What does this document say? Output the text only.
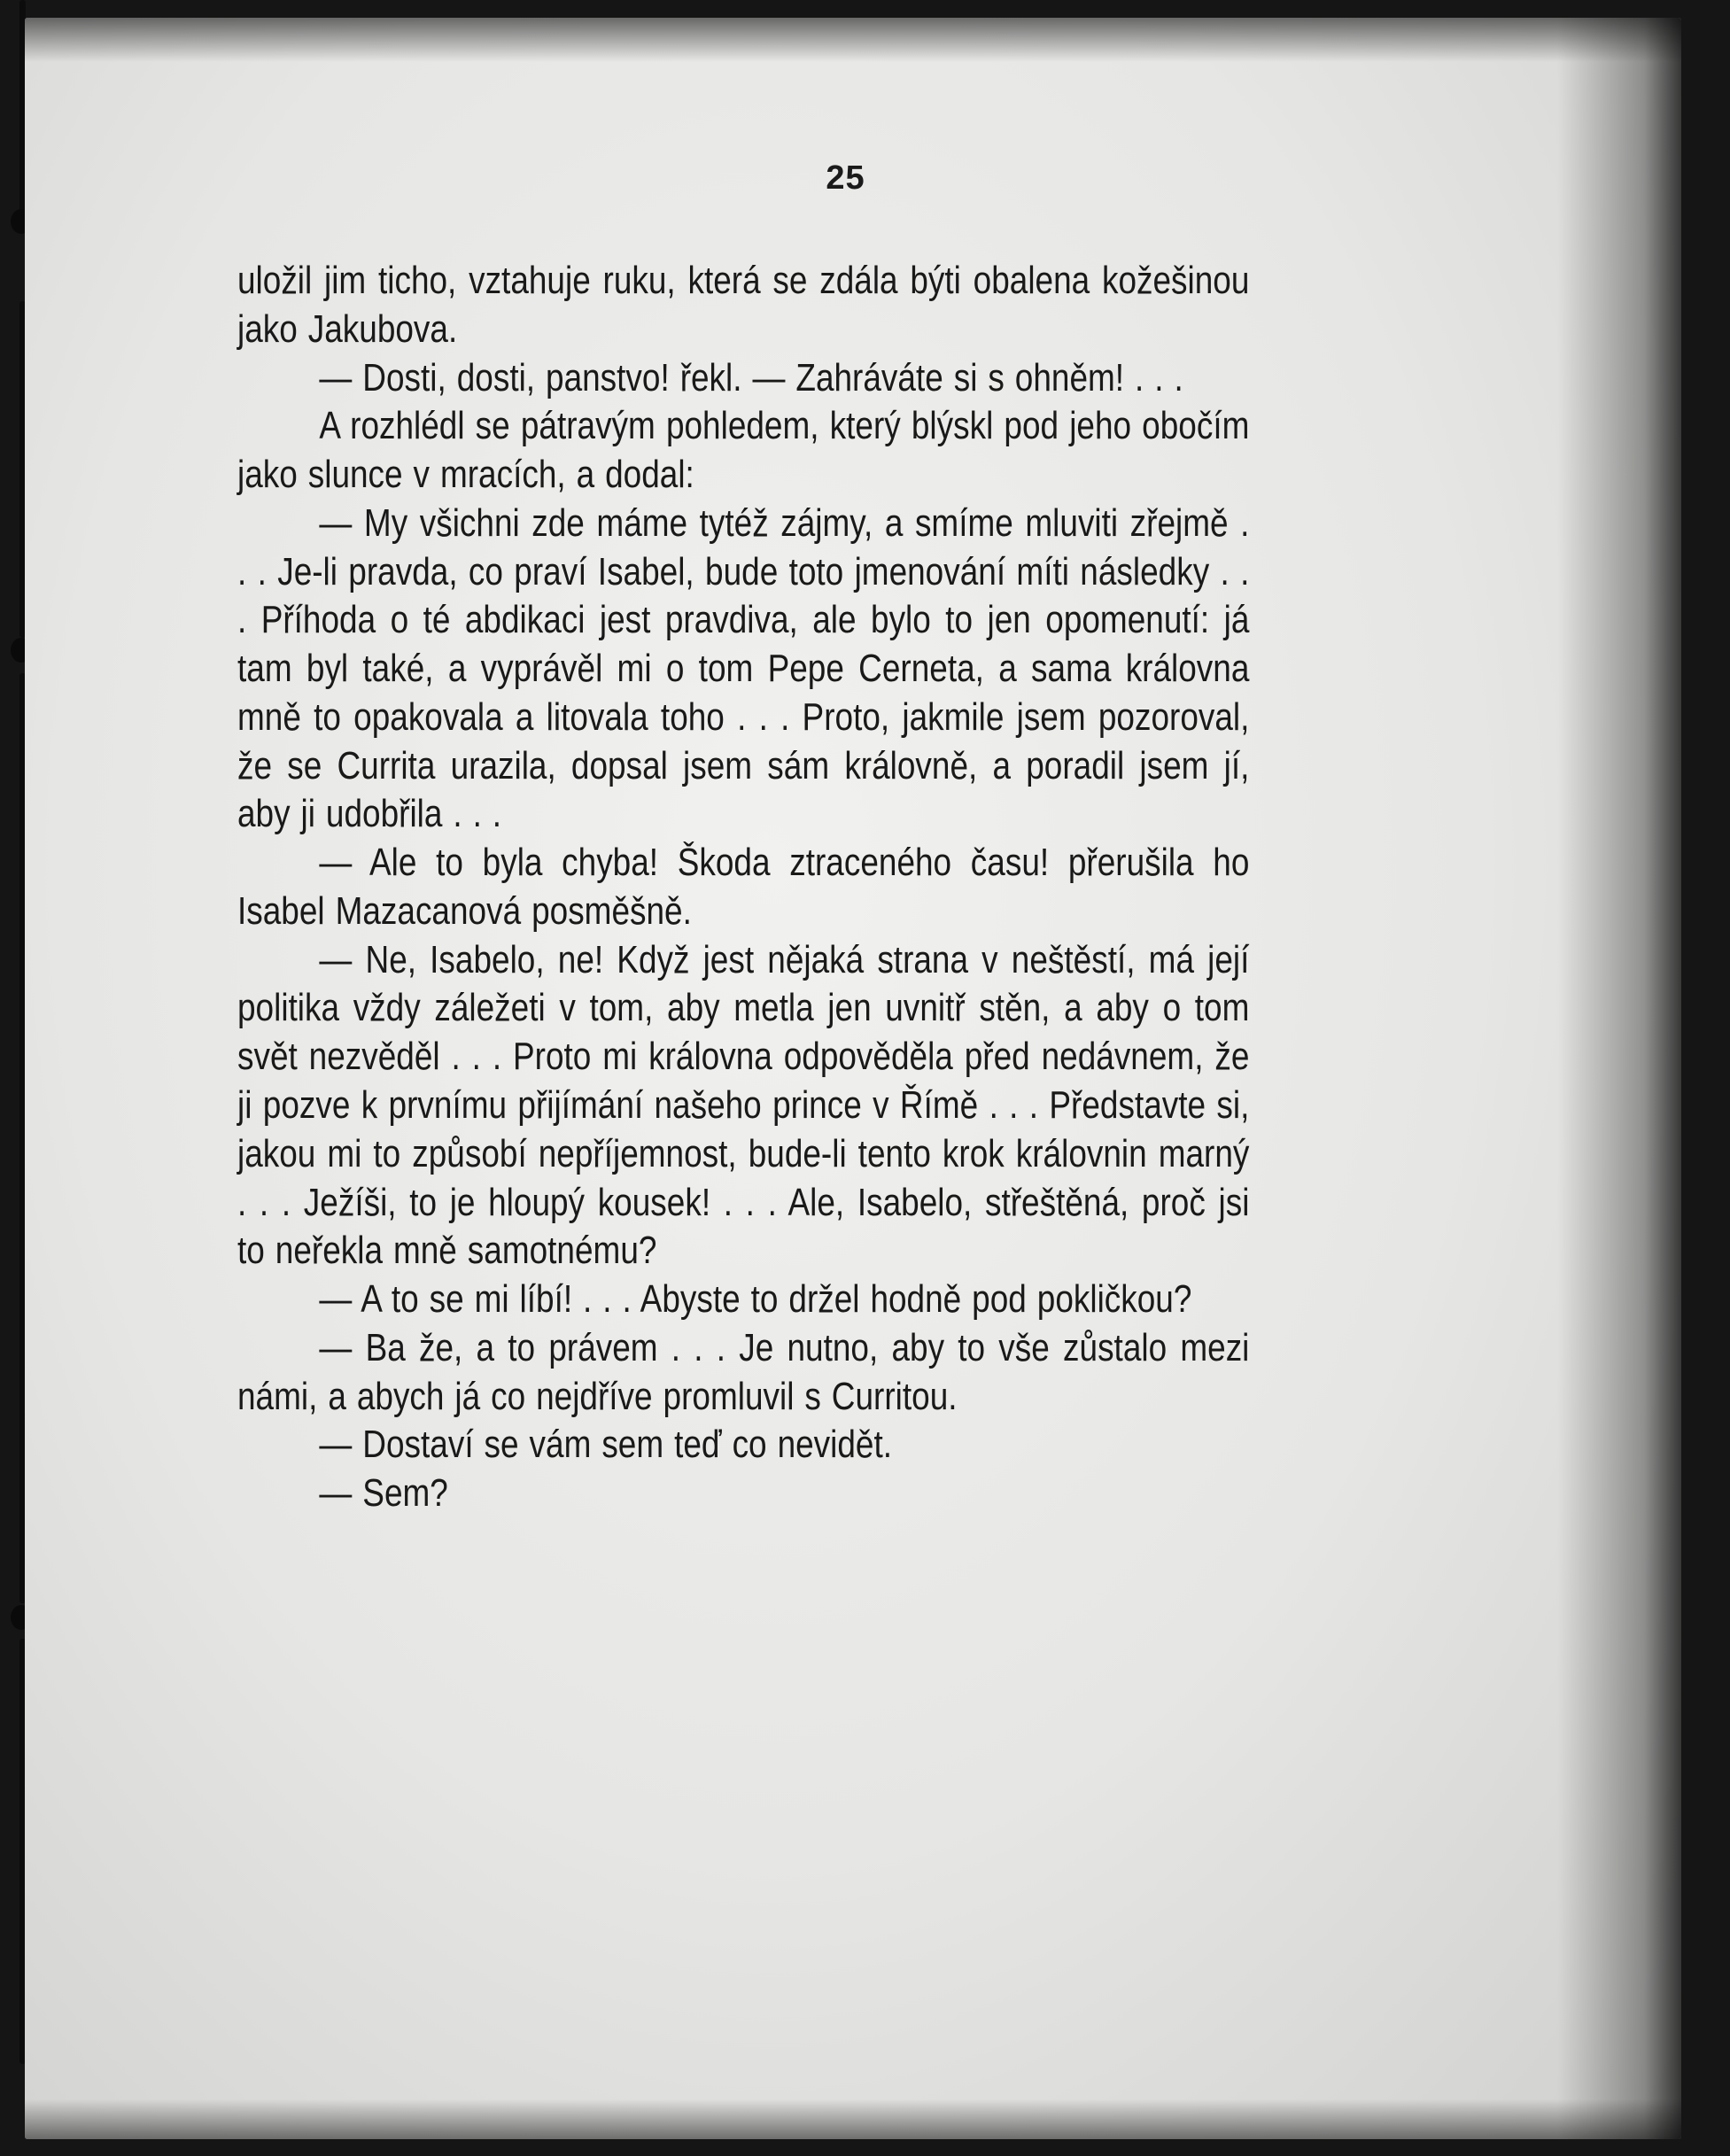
25

uložil jim ticho, vztahuje ruku, která se zdála býti obalena kožešinou jako Jakubova.

— Dosti, dosti, panstvo! řekl. — Zahráváte si s ohněm! . . .

A rozhlédl se pátravým pohledem, který blýskl pod jeho obočím jako slunce v mracích, a dodal:

— My všichni zde máme tytéž zájmy, a smíme mluviti zřejmě . . . Je-li pravda, co praví Isabel, bude toto jmenování míti následky . . . Příhoda o té abdikaci jest pravdiva, ale bylo to jen opomenutí: já tam byl také, a vyprávěl mi o tom Pepe Cerneta, a sama královna mně to opakovala a litovala toho . . . Proto, jakmile jsem pozoroval, že se Currita urazila, dopsal jsem sám královně, a poradil jsem jí, aby ji udobřila . . .

— Ale to byla chyba! Škoda ztraceného času! přerušila ho Isabel Mazacanová posměšně.

— Ne, Isabelo, ne! Když jest nějaká strana v neštěstí, má její politika vždy záležeti v tom, aby metla jen uvnitř stěn, a aby o tom svět nezvěděl . . . Proto mi královna odpověděla před nedávnem, že ji pozve k prvnímu přijímání našeho prince v Římě . . . Představte si, jakou mi to způsobí nepříjemnost, bude-li tento krok královnin marný . . . Ježíši, to je hloupý kousek! . . . Ale, Isabelo, střeštěná, proč jsi to neřekla mně samotnému?

— A to se mi líbí! . . . Abyste to držel hodně pod pokličkou?

— Ba že, a to právem . . . Je nutno, aby to vše zůstalo mezi námi, a abych já co nejdříve promluvil s Curritou.

— Dostaví se vám sem teď co nevidět.

— Sem?
